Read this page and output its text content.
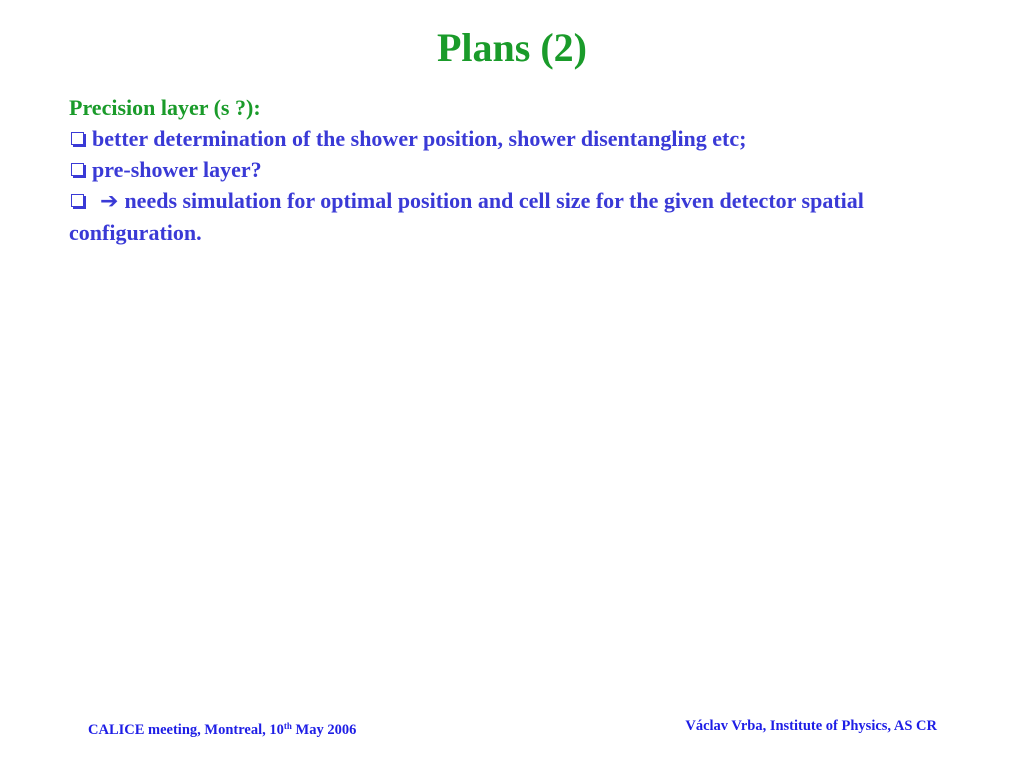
Plans (2)
Precision layer (s ?):
better determination of the shower position, shower disentangling etc;
pre-shower layer?
➔ needs simulation for optimal position and cell size for the given detector spatial configuration.
CALICE meeting, Montreal, 10th May 2006	Václav Vrba, Institute of Physics, AS CR
